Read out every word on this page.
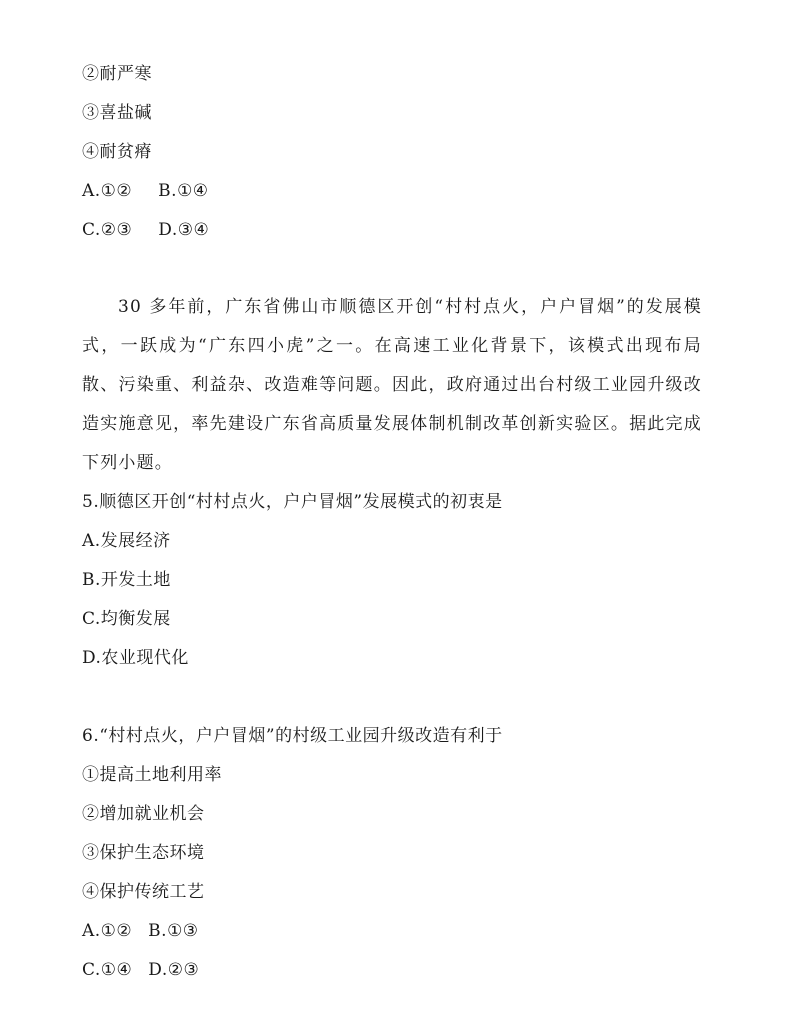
②耐严寒
③喜盐碱
④耐贫瘠
A.①② B.①④
C.②③ D.③④
30 多年前，广东省佛山市顺德区开创“村村点火，户户冒烟”的发展模式，一跃成为“广东四小虎”之一。在高速工业化背景下，该模式出现布局散、污染重、利益杂、改造难等问题。因此，政府通过出台村级工业园升级改造实施意见，率先建设广东省高质量发展体制机制改革创新实验区。据此完成下列小题。
5.顺德区开创“村村点火，户户冒烟”发展模式的初衷是
A.发展经济
B.开发土地
C.均衡发展
D.农业现代化
6.“村村点火，户户冒烟”的村级工业园升级改造有利于
①提高土地利用率
②增加就业机会
③保护生态环境
④保护传统工艺
A.①② B.①③
C.①④ D.②③
